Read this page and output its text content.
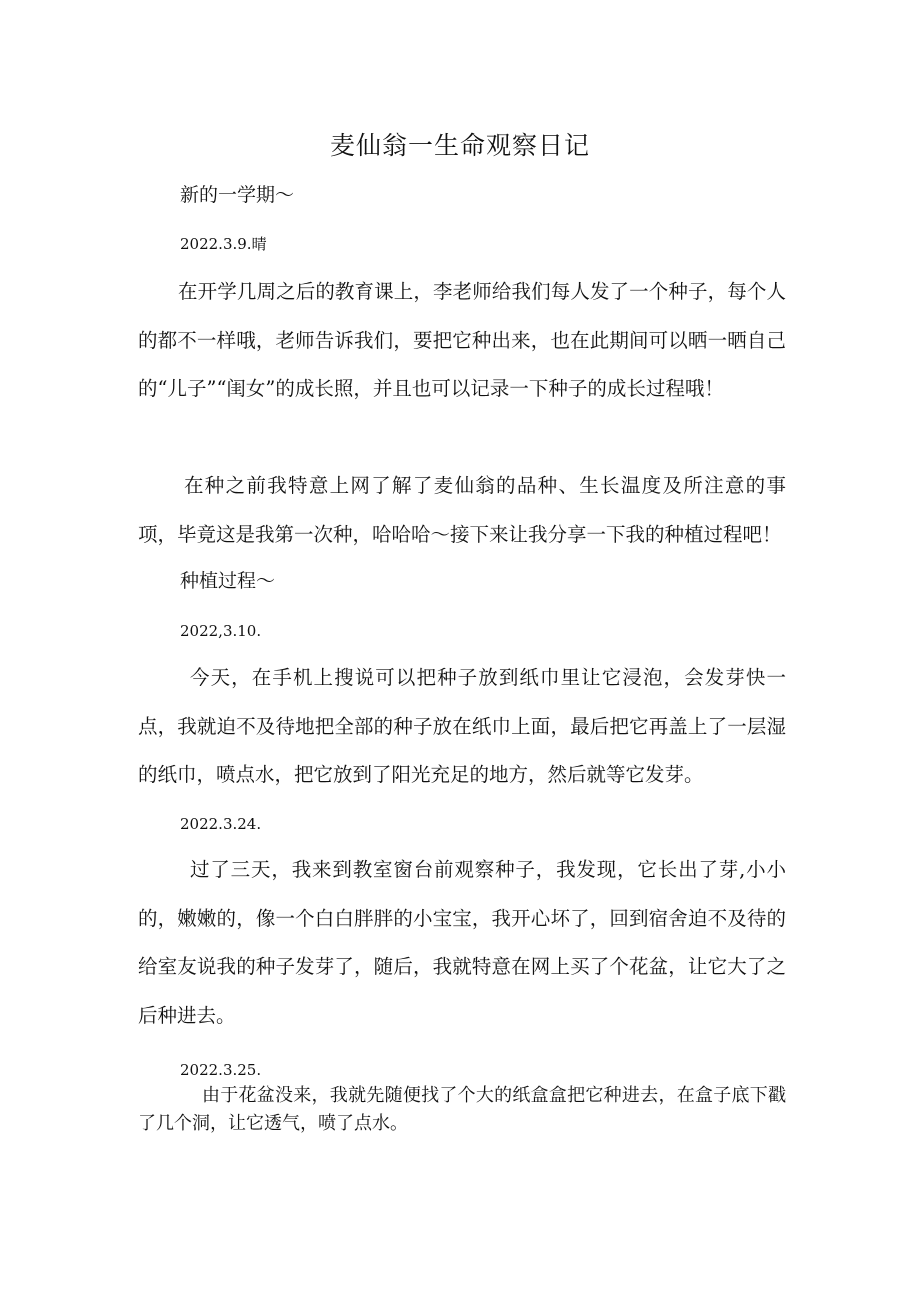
麦仙翁一生命观察日记

新的一学期～

2022.3.9.晴

在开学几周之后的教育课上，李老师给我们每人发了一个种子，每个人的都不一样哦，老师告诉我们，要把它种出来，也在此期间可以晒一晒自己的“儿子”“闺女”的成长照，并且也可以记录一下种子的成长过程哦！

在种之前我特意上网了解了麦仙翁的品种、生长温度及所注意的事项，毕竟这是我第一次种，哈哈哈～接下来让我分享一下我的种植过程吧！

种植过程～

2022,3.10.

今天，在手机上搜说可以把种子放到纸巾里让它浸泡，会发芽快一点，我就迫不及待地把全部的种子放在纸巾上面，最后把它再盖上了一层湿的纸巾，喷点水，把它放到了阳光充足的地方，然后就等它发芽。

2022.3.24.

过了三天，我来到教室窗台前观察种子，我发现，它长出了芽,小小的，嫩嫩的，像一个白白胖胖的小宝宝，我开心坏了，回到宿舍迫不及待的给室友说我的种子发芽了，随后，我就特意在网上买了个花盆，让它大了之后种进去。

2022.3.25.

由于花盆没来，我就先随便找了个大的纸盒盒把它种进去，在盒子底下戳了几个洞，让它透气，喷了点水。
